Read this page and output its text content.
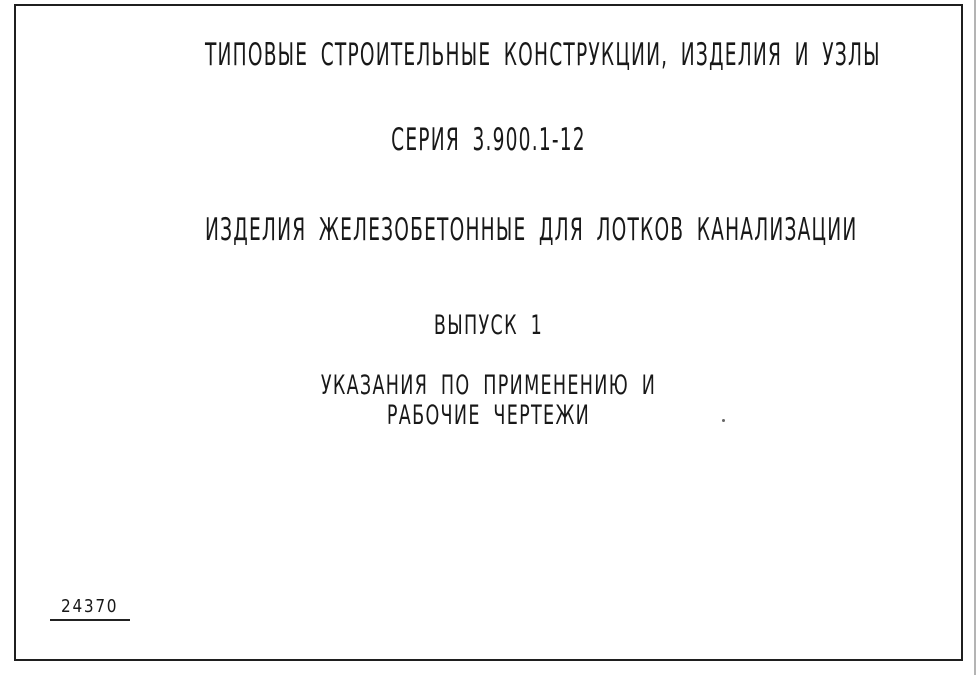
ТИПОВЫЕ СТРОИТЕЛЬНЫЕ КОНСТРУКЦИИ, ИЗДЕЛИЯ И УЗЛЫ
СЕРИЯ 3.900.1-12
ИЗДЕЛИЯ ЖЕЛЕЗОБЕТОННЫЕ ДЛЯ ЛОТКОВ КАНАЛИЗАЦИИ
ВЫПУСК 1
УКАЗАНИЯ ПО ПРИМЕНЕНИЮ И
РАБОЧИЕ ЧЕРТЕЖИ
24370
